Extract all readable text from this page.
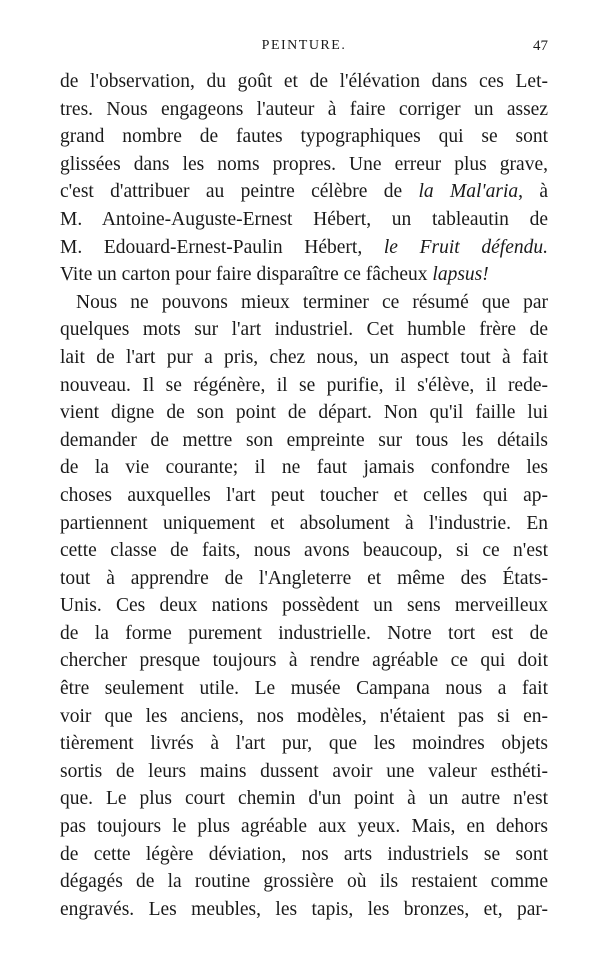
PEINTURE.	47
de l'observation, du goût et de l'élévation dans ces Let-
tres. Nous engageons l'auteur à faire corriger un assez
grand nombre de fautes typographiques qui se sont
glissées dans les noms propres. Une erreur plus grave,
c'est d'attribuer au peintre célèbre de la Mal'aria, à
M. Antoine-Auguste-Ernest Hébert, un tableautin de
M. Edouard-Ernest-Paulin Hébert, le Fruit défendu.
Vite un carton pour faire disparaître ce fâcheux lapsus!
Nous ne pouvons mieux terminer ce résumé que par
quelques mots sur l'art industriel. Cet humble frère de
lait de l'art pur a pris, chez nous, un aspect tout à fait
nouveau. Il se régénère, il se purifie, il s'élève, il rede-
vient digne de son point de départ. Non qu'il faille lui
demander de mettre son empreinte sur tous les détails
de la vie courante; il ne faut jamais confondre les
choses auxquelles l'art peut toucher et celles qui ap-
partiennent uniquement et absolument à l'industrie. En
cette classe de faits, nous avons beaucoup, si ce n'est
tout à apprendre de l'Angleterre et même des États-
Unis. Ces deux nations possèdent un sens merveilleux
de la forme purement industrielle. Notre tort est de
chercher presque toujours à rendre agréable ce qui doit
être seulement utile. Le musée Campana nous a fait
voir que les anciens, nos modèles, n'étaient pas si en-
tièrement livrés à l'art pur, que les moindres objets
sortis de leurs mains dussent avoir une valeur esthéti-
que. Le plus court chemin d'un point à un autre n'est
pas toujours le plus agréable aux yeux. Mais, en dehors
de cette légère déviation, nos arts industriels se sont
dégagés de la routine grossière où ils restaient comme
engravés. Les meubles, les tapis, les bronzes, et, par-
